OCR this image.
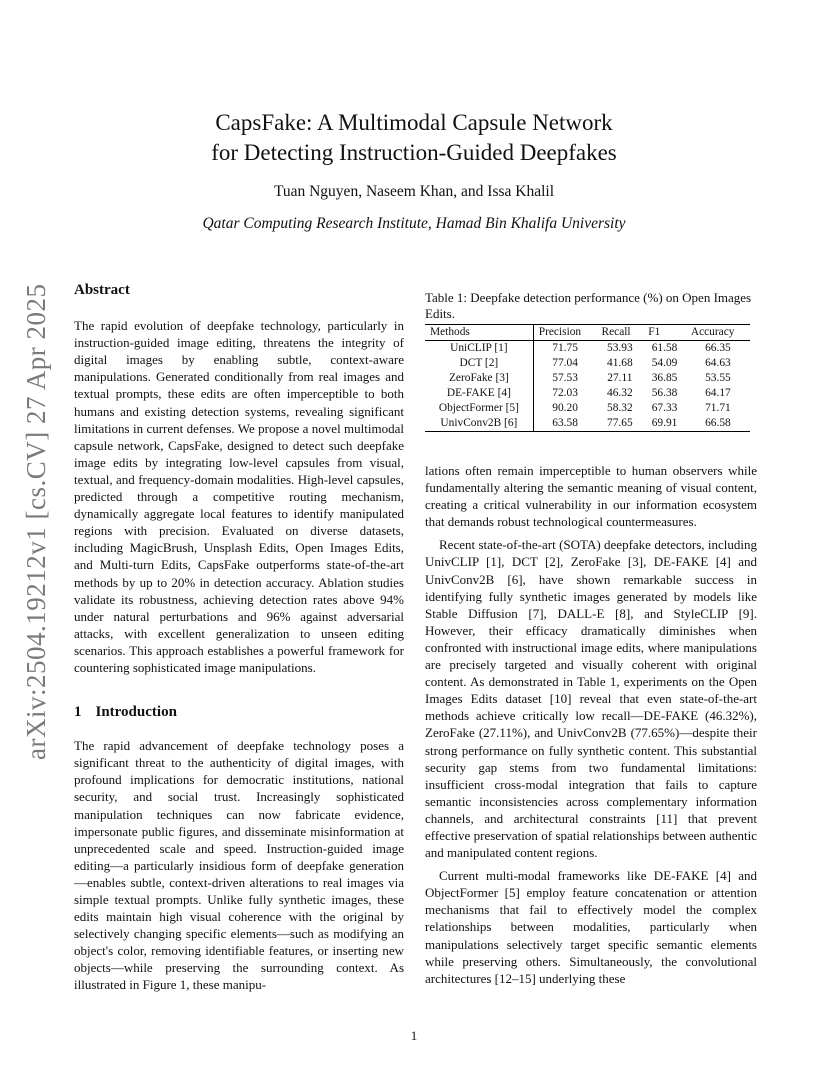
arXiv:2504.19212v1 [cs.CV] 27 Apr 2025
CapsFake: A Multimodal Capsule Network
for Detecting Instruction-Guided Deepfakes
Tuan Nguyen, Naseem Khan, and Issa Khalil
Qatar Computing Research Institute, Hamad Bin Khalifa University
Abstract

The rapid evolution of deepfake technology, particularly in instruction-guided image editing, threatens the integrity of digital images by enabling subtle, context-aware manipulations. Generated conditionally from real images and textual prompts, these edits are often imperceptible to both humans and existing detection systems, revealing significant limitations in current defenses. We propose a novel multimodal capsule network, CapsFake, designed to detect such deepfake image edits by integrating low-level capsules from visual, textual, and frequency-domain modalities. High-level capsules, predicted through a competitive routing mechanism, dynamically aggregate local features to identify manipulated regions with precision. Evaluated on diverse datasets, including MagicBrush, Unsplash Edits, Open Images Edits, and Multi-turn Edits, CapsFake outperforms state-of-the-art methods by up to 20% in detection accuracy. Ablation studies validate its robustness, achieving detection rates above 94% under natural perturbations and 96% against adversarial attacks, with excellent generalization to unseen editing scenarios. This approach establishes a powerful framework for countering sophisticated image manipulations.

1 Introduction

The rapid advancement of deepfake technology poses a significant threat to the authenticity of digital images, with profound implications for democratic institutions, national security, and social trust. Increasingly sophisticated manipulation techniques can now fabricate evidence, impersonate public figures, and disseminate misinformation at unprecedented scale and speed. Instruction-guided image editing—a particularly insidious form of deepfake generation—enables subtle, context-driven alterations to real images via simple textual prompts. Unlike fully synthetic images, these edits maintain high visual coherence with the original by selectively changing specific elements—such as modifying an object's color, removing identifiable features, or inserting new objects—while preserving the surrounding context. As illustrated in Figure 1, these manipu-

Table 1: Deepfake detection performance (%) on Open Images Edits.
Methods	Precision	Recall	F1	Accuracy
UniCLIP [1]	71.75	53.93	61.58	66.35
DCT [2]	77.04	41.68	54.09	64.63
ZeroFake [3]	57.53	27.11	36.85	53.55
DE-FAKE [4]	72.03	46.32	56.38	64.17
ObjectFormer [5]	90.20	58.32	67.33	71.71
UnivConv2B [6]	63.58	77.65	69.91	66.58

lations often remain imperceptible to human observers while fundamentally altering the semantic meaning of visual content, creating a critical vulnerability in our information ecosystem that demands robust technological countermeasures.

Recent state-of-the-art (SOTA) deepfake detectors, including UnivCLIP [1], DCT [2], ZeroFake [3], DE-FAKE [4] and UnivConv2B [6], have shown remarkable success in identifying fully synthetic images generated by models like Stable Diffusion [7], DALL-E [8], and StyleCLIP [9]. However, their efficacy dramatically diminishes when confronted with instructional image edits, where manipulations are precisely targeted and visually coherent with original content. As demonstrated in Table 1, experiments on the Open Images Edits dataset [10] reveal that even state-of-the-art methods achieve critically low recall—DE-FAKE (46.32%), ZeroFake (27.11%), and UnivConv2B (77.65%)—despite their strong performance on fully synthetic content. This substantial security gap stems from two fundamental limitations: insufficient cross-modal integration that fails to capture semantic inconsistencies across complementary information channels, and architectural constraints [11] that prevent effective preservation of spatial relationships between authentic and manipulated content regions.

Current multi-modal frameworks like DE-FAKE [4] and ObjectFormer [5] employ feature concatenation or attention mechanisms that fail to effectively model the complex relationships between modalities, particularly when manipulations selectively target specific semantic elements while preserving others. Simultaneously, the convolutional architectures [12–15] underlying these

1
